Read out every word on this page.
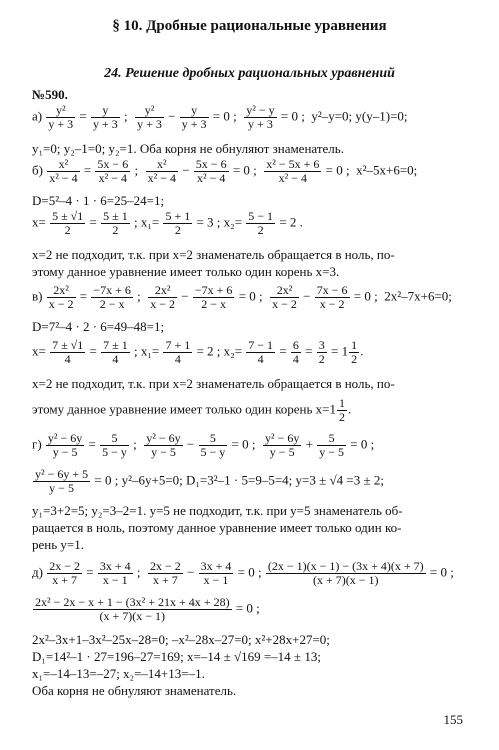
§ 10. Дробные рациональные уравнения
24. Решение дробных рациональных уравнений
№590.
$а) \frac{\text{y²}}{y + 3} = \frac{y}{y + 3}$ ; $\frac{\text{y²}}{y + 3} - \frac{y}{y + 3} = 0$ ; $\frac{\text{y² − y}}{y + 3} = 0$ ; y²–y=0; y(y–1)=0;
y₁=0; y₂–1=0; y₂=1. Оба корня не обнуляют знаменатель.
$б) \frac{\text{x²}}{\text{x² − 4}} = \frac{5x - 6}{\text{x² − 4}}$ ; $\frac{\text{x²}}{\text{x² − 4}} - \frac{5x - 6}{\text{x² − 4}} = 0$ ; $\frac{\text{x² − 5x + 6}}{\text{x² − 4}} = 0$ ; x²–5x+6=0;
D=5²–4 · 1 · 6=25–24=1;
$x= \frac{5 \pm √1}{2} = \frac{5 \pm 1}{2}$ ; $x_1= \frac{5 + 1}{2} = 3$ ; $x_2= \frac{5 - 1}{2} = 2$ .
x=2 не подходит, т.к. при x=2 знаменатель обращается в ноль, по-
этому данное уравнение имеет только один корень x=3.
$в) \frac{\text{2x²}}{x - 2} = \frac{-7x + 6}{2 - x}$ ; $\frac{\text{2x²}}{x - 2} - \frac{-7x + 6}{2 - x} = 0$ ; $\frac{\text{2x²}}{x - 2} - \frac{7x - 6}{x - 2} = 0$ ; 2x²–7x+6=0;
D=7²–4 · 2 · 6=49–48=1;
$x= \frac{7 \pm √1}{4} = \frac{7 \pm 1}{4}$ ; $x_1= \frac{7 + 1}{4} = 2$ ; $x_2= \frac{7 - 1}{4} = \frac{6}{4} = \frac{3}{2} = 1 \frac{1}{2}$ .
x=2 не подходит, т.к. при x=2 знаменатель обращается в ноль, по-
этому данное уравнение имеет только один корень $x=1 \frac{1}{2}$ .
$г) \frac{\text{y² − 6y}}{y - 5} = \frac{5}{5 - y}$ ; $\frac{\text{y² − 6y}}{y - 5} - \frac{5}{5 - y} = 0$ ; $\frac{\text{y² − 6y}}{y - 5} + \frac{5}{y - 5} = 0$ ;
$\frac{\text{y² − 6y + 5}}{y - 5} = 0$ ; y²–6y+5=0; D₁=3²–1 · 5=9–5=4; y=3 ± √4 =3 ± 2;
y₁=3+2=5; y₂=3–2=1. y=5 не подходит, т.к. при y=5 знаменатель об-
ращается в ноль, поэтому данное уравнение имеет только один ко-
рень y=1.
$д) \frac{2x - 2}{x + 7} = \frac{3x + 4}{x - 1}$ ; $\frac{2x - 2}{x + 7} - \frac{3x + 4}{x - 1} = 0$ ; $\frac{(2x - 1)(x - 1) - (3x + 4)(x + 7)}{(x + 7)(x - 1)} = 0$ ;
$\frac{\text{2x² − 2x − x + 1 − (3x² + 21x + 4x + 28)}}{(x + 7)(x - 1)} = 0$ ;
2x²–3x+1–3x²–25x–28=0; –x²–28x–27=0; x²+28x+27=0;
D₁=14²–1 · 27=196–27=169; x=–14 ± √169 =–14 ± 13;
x₁=–14–13=–27; x₂=–14+13=–1.
Оба корня не обнуляют знаменатель.
155
